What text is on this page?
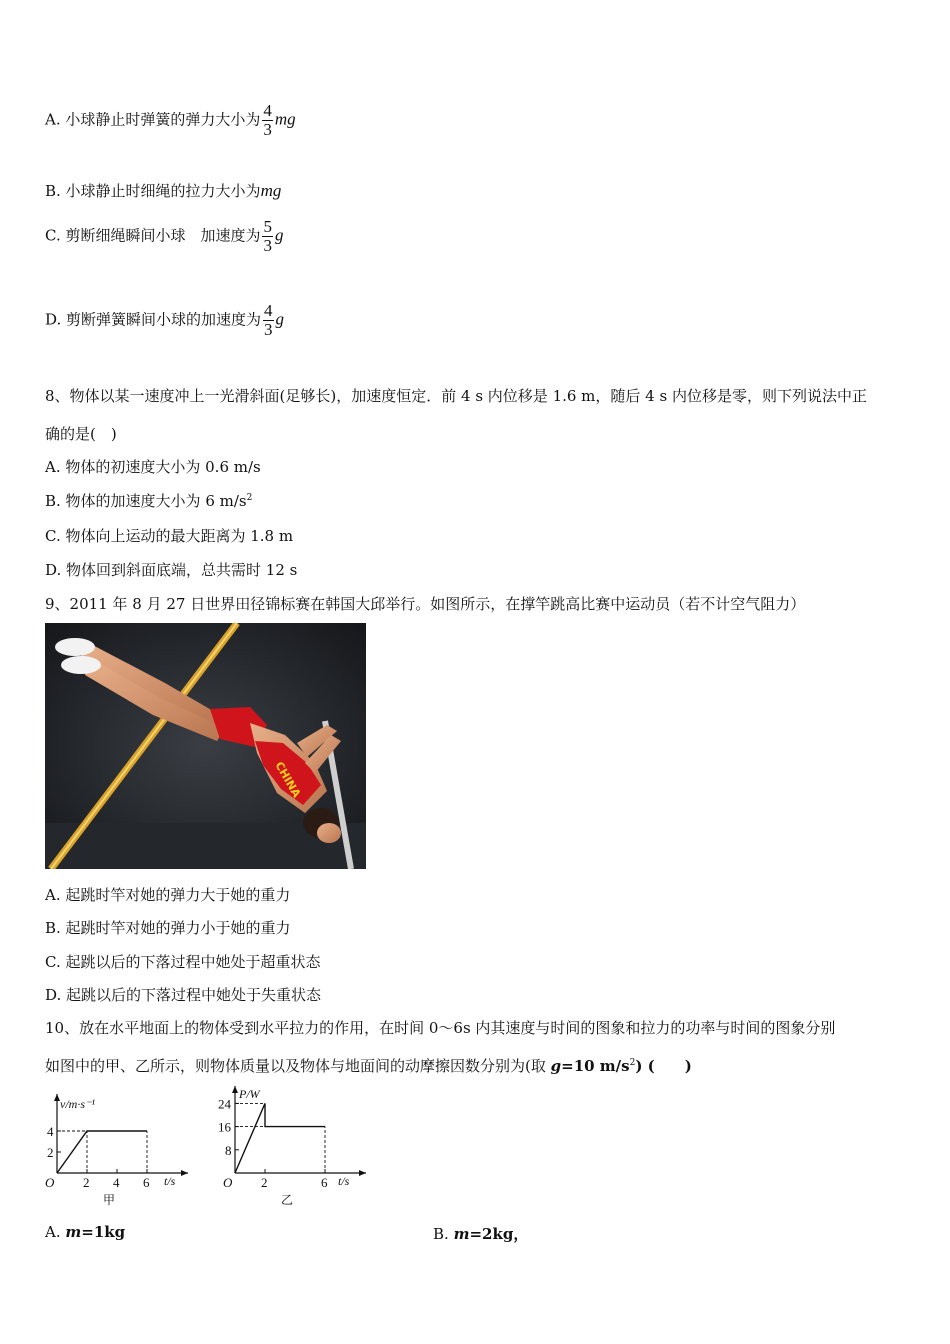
A. 小球静止时弹簧的弹力大小为 $\frac{4}{3}$ mg
B. 小球静止时细绳的拉力大小为mg
C. 剪断细绳瞬间小球　加速度为 $\frac{5}{3}$ g
D. 剪断弹簧瞬间小球的加速度为 $\frac{4}{3}$ g
8、物体以某一速度冲上一光滑斜面(足够长)，加速度恒定．前 4 s 内位移是 1.6 m，随后 4 s 内位移是零，则下列说法中正
确的是(　)
A. 物体的初速度大小为 0.6 m/s
B. 物体的加速度大小为 6 $m/s^2$
C. 物体向上运动的最大距离为 1.8 m
D. 物体回到斜面底端，总共需时 12 s
9、2011 年 8 月 27 日世界田径锦标赛在韩国大邱举行。如图所示，在撑竿跳高比赛中运动员（若不计空气阻力）
CHINA
A. 起跳时竿对她的弹力大于她的重力
B. 起跳时竿对她的弹力小于她的重力
C. 起跳以后的下落过程中她处于超重状态
D. 起跳以后的下落过程中她处于失重状态
10、放在水平地面上的物体受到水平拉力的作用，在时间 0～6s 内其速度与时间的图象和拉力的功率与时间的图象分别
如图中的甲、乙所示，则物体质量以及物体与地面间的动摩擦因数分别为(取 g=10 $m/s^2$) (　　)
O
v/m·s⁻¹
t/s
甲
2 4 6
2
4
O
P/W
t/s
乙
2	6
8
16
24
A. m=1kg	B. m=2kg，
